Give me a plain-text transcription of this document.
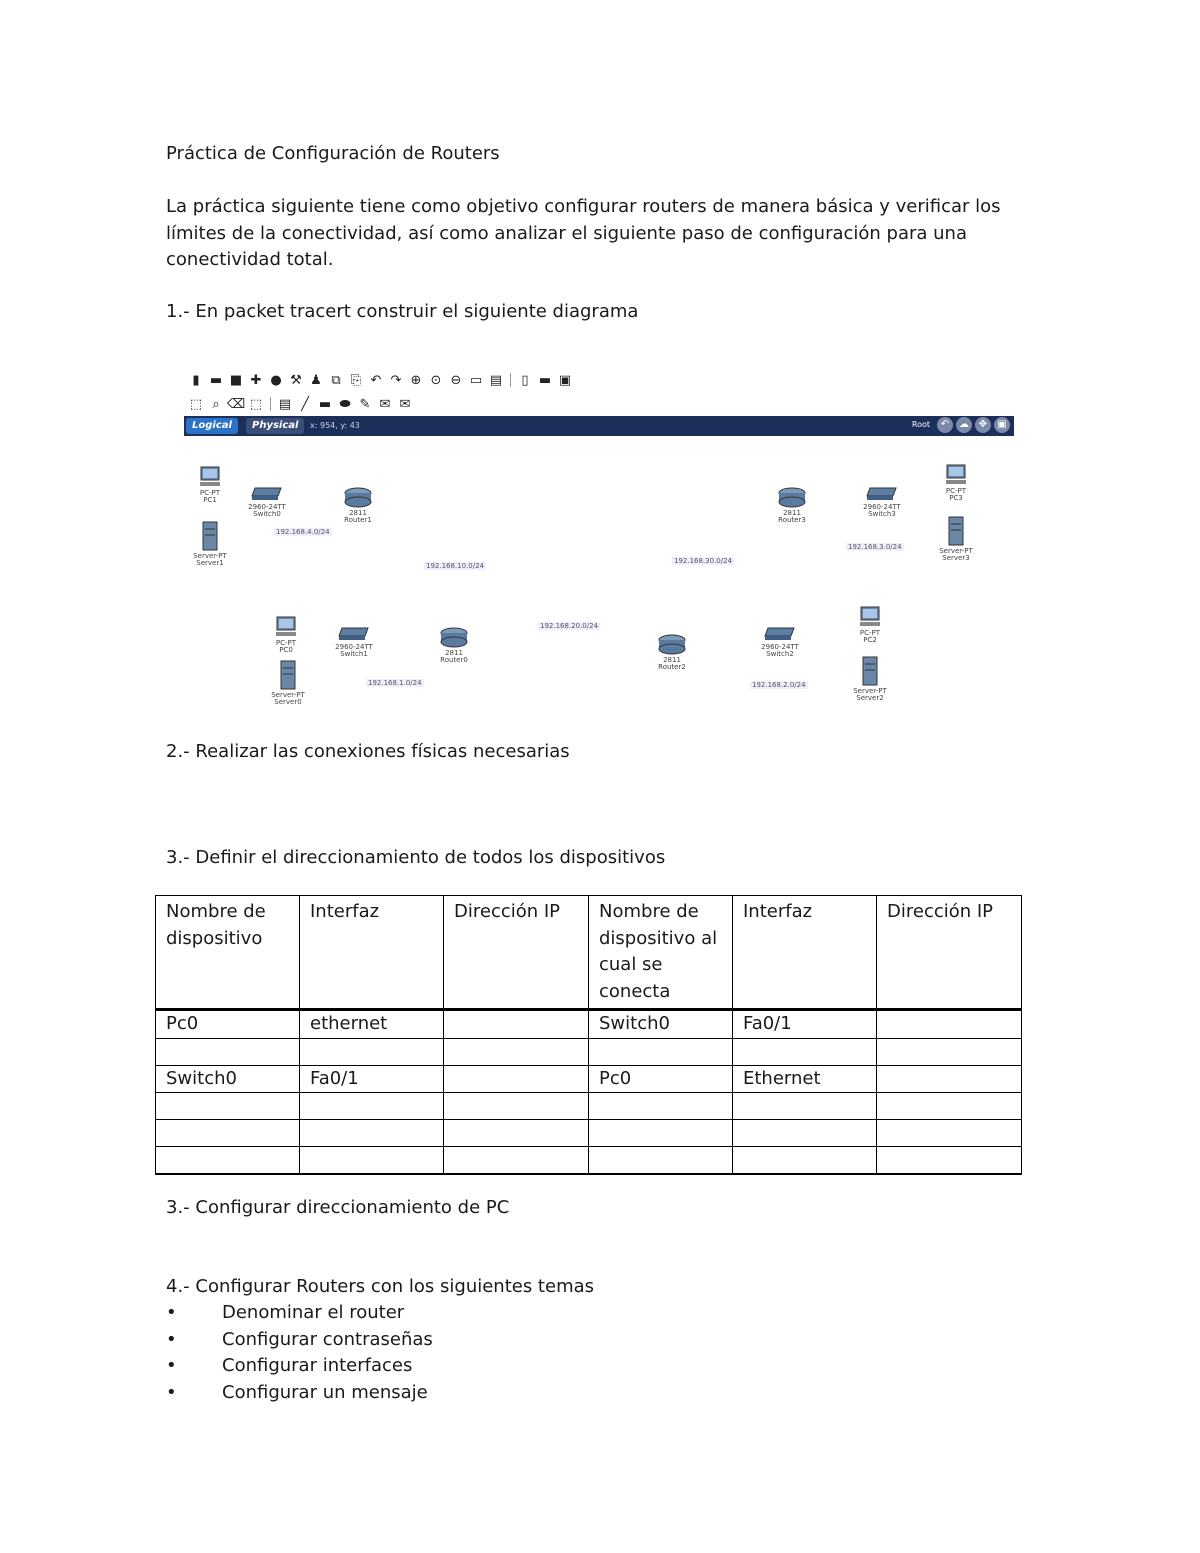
Práctica de Configuración de Routers
La práctica siguiente tiene como objetivo configurar routers de manera básica y verificar los límites de la conectividad, así como analizar el siguiente paso de configuración para una conectividad total.
1.- En packet tracert construir el siguiente diagrama
▮ ▬ ■ ✚ ● ⚒ ♟ ⧉ ⎘ ↶ ↷ ⊕ ⊙ ⊖ ▭ ▤	▯ ▬ ▣
⬚ ⌕ ⌫ ⬚ ▤ ╱ ▬ ⬬ ✎ ✉ ✉
Logical	Physical	x: 954, y: 43	Root	↶ ☁ ✥	▣
PC-PT
PC1
2960-24TT
Switch0	2811
Router1
Server-PT
Server1
2811
Router3
2960-24TT
Switch3
PC-PT
PC3
Server-PT
Server3
PC-PT
PC0	2960-24TT
Switch1
Server-PT
Server0
2811
Router0	2811
Router2
2960-24TT
Switch2
PC-PT
PC2
Server-PT
Server2
192.168.4.0/24
192.168.10.0/24
192.168.30.0/24
192.168.3.0/24
192.168.20.0/24
192.168.1.0/24	192.168.2.0/24
2.- Realizar las conexiones físicas necesarias
3.- Definir el direccionamiento de todos los dispositivos
Nombre de dispositivo	Interfaz	Dirección IP	Nombre de dispositivo al cual se conecta	Interfaz	Dirección IP
Pc0	ethernet		Switch0	Fa0/1	

Switch0	Fa0/1		Pc0	Ethernet	

3.- Configurar direccionamiento de PC
4.- Configurar Routers con los siguientes temas
•	Denominar el router
•	Configurar contraseñas
•	Configurar interfaces
•	Configurar un mensaje
